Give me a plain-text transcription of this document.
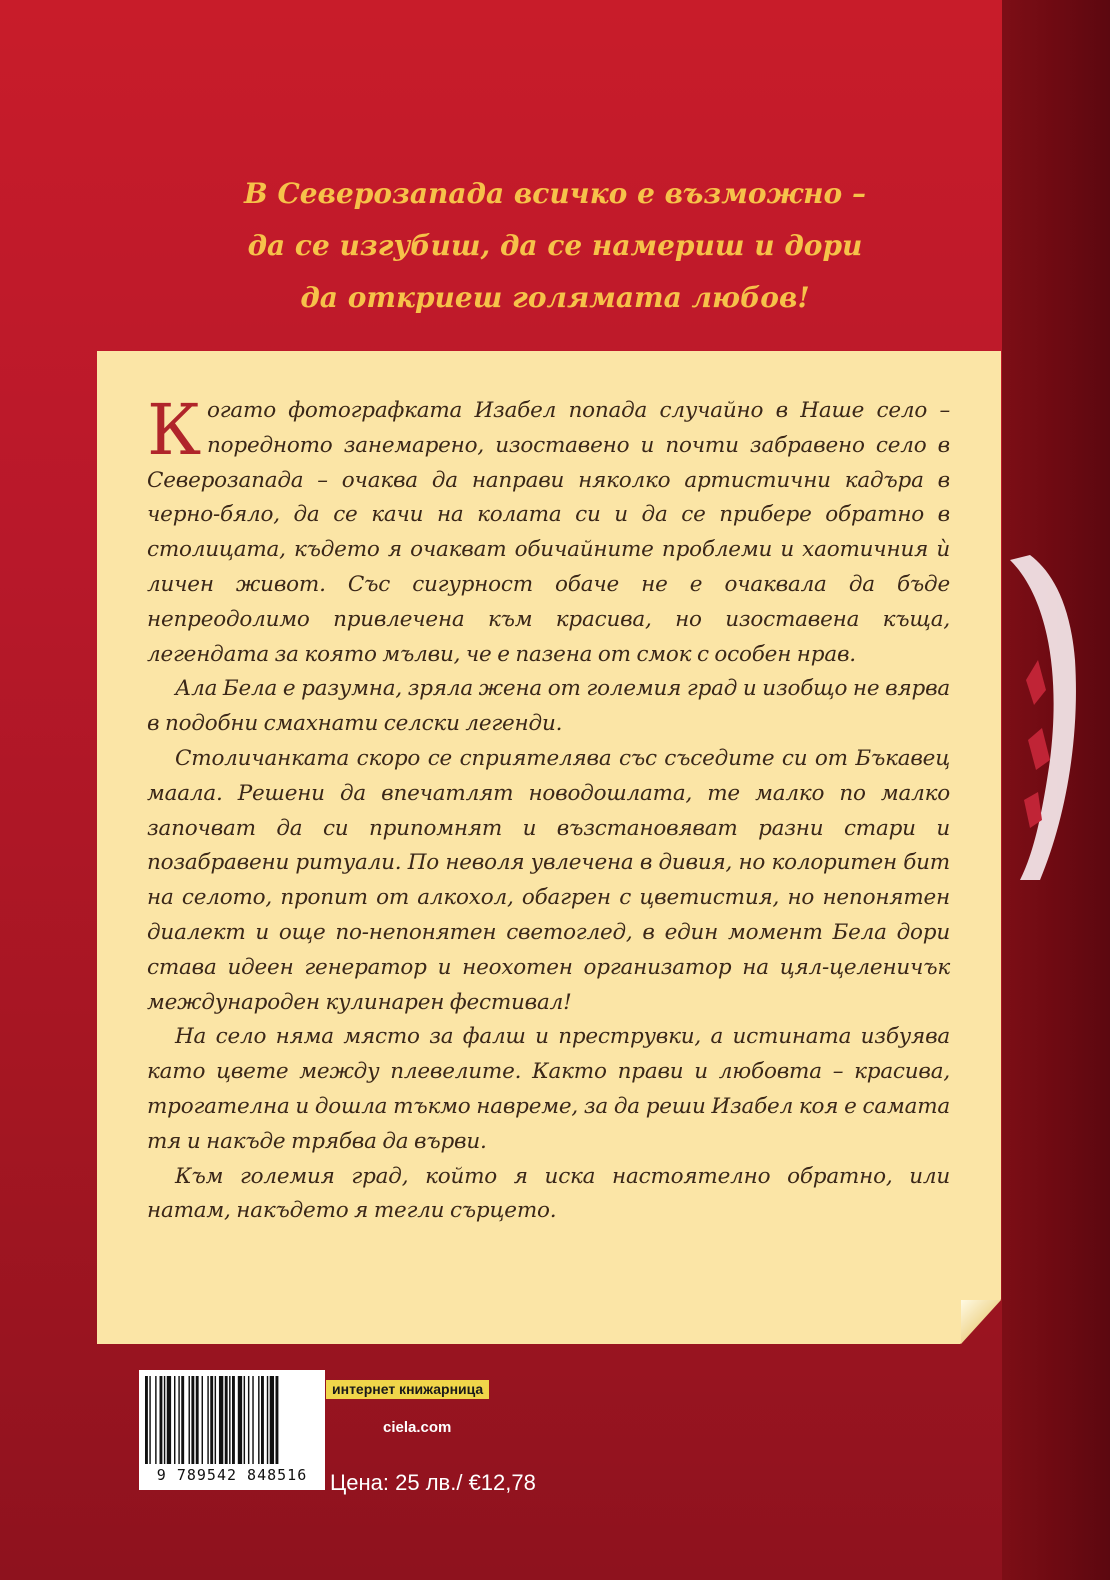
В Северозапада всичко е възможно –
да се изгубиш, да се намериш и дори
да откриеш голямата любов!

Когато фотографката Изабел попада случайно в Наше село – поредното занемарено, изоставено и почти забравено село в Северозапада – очаква да направи няколко артистични кадъра в черно-бяло, да се качи на колата си и да се прибере обратно в столицата, където я очакват обичайните проблеми и хаотичния ѝ личен живот. Със сигурност обаче не е очаквала да бъде непреодолимо привлечена към красива, но изоставена къща, легендата за която мълви, че е пазена от смок с особен нрав.

Ала Бела е разумна, зряла жена от големия град и изобщо не вярва в подобни смахнати селски легенди.

Столичанката скоро се сприятелява със съседите си от Бъкавец маала. Решени да впечатлят новодошлата, те малко по малко започват да си припомнят и възстановяват разни стари и позабравени ритуали. По неволя увлечена в дивия, но колоритен бит на селото, пропит от алкохол, обагрен с цветистия, но непонятен диалект и още по-непонятен светоглед, в един момент Бела дори става идеен генератор и неохотен организатор на цял-целеничък международен кулинарен фестивал!

На село няма място за фалш и преструвки, а истината избуява като цвете между плевелите. Както прави и любовта – красива, трогателна и дошла тъкмо навреме, за да реши Изабел коя е самата тя и накъде трябва да върви.

Към големия град, който я иска настоятелно обратно, или натам, накъдето я тегли сърцето.

9 789542 848516
интернет книжарница
ciela.com
Цена: 25 лв./ €12,78
